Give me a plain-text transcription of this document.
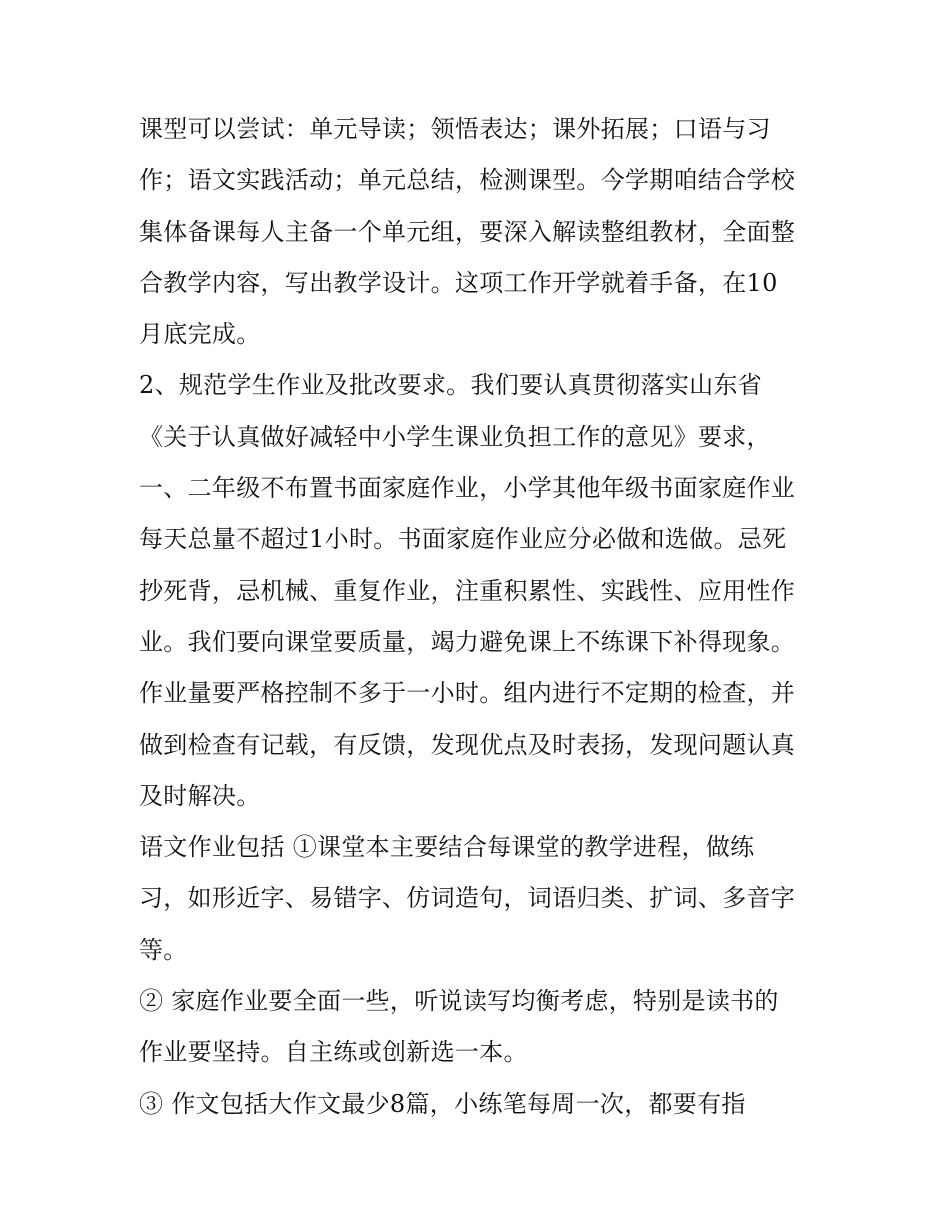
课型可以尝试：单元导读；领悟表达；课外拓展；口语与习
作；语文实践活动；单元总结，检测课型。今学期咱结合学校
集体备课每人主备一个单元组，要深入解读整组教材，全面整
合教学内容，写出教学设计。这项工作开学就着手备，在10
月底完成。
2、规范学生作业及批改要求。我们要认真贯彻落实山东省
《关于认真做好减轻中小学生课业负担工作的意见》要求，
一、二年级不布置书面家庭作业，小学其他年级书面家庭作业
每天总量不超过1小时。书面家庭作业应分必做和选做。忌死
抄死背，忌机械、重复作业，注重积累性、实践性、应用性作
业。我们要向课堂要质量，竭力避免课上不练课下补得现象。
作业量要严格控制不多于一小时。组内进行不定期的检查，并
做到检查有记载，有反馈，发现优点及时表扬，发现问题认真
及时解决。
语文作业包括 ①课堂本主要结合每课堂的教学进程，做练
习，如形近字、易错字、仿词造句，词语归类、扩词、多音字
等。
② 家庭作业要全面一些，听说读写均衡考虑，特别是读书的
作业要坚持。自主练或创新选一本。
③ 作文包括大作文最少8篇，小练笔每周一次，都要有指
